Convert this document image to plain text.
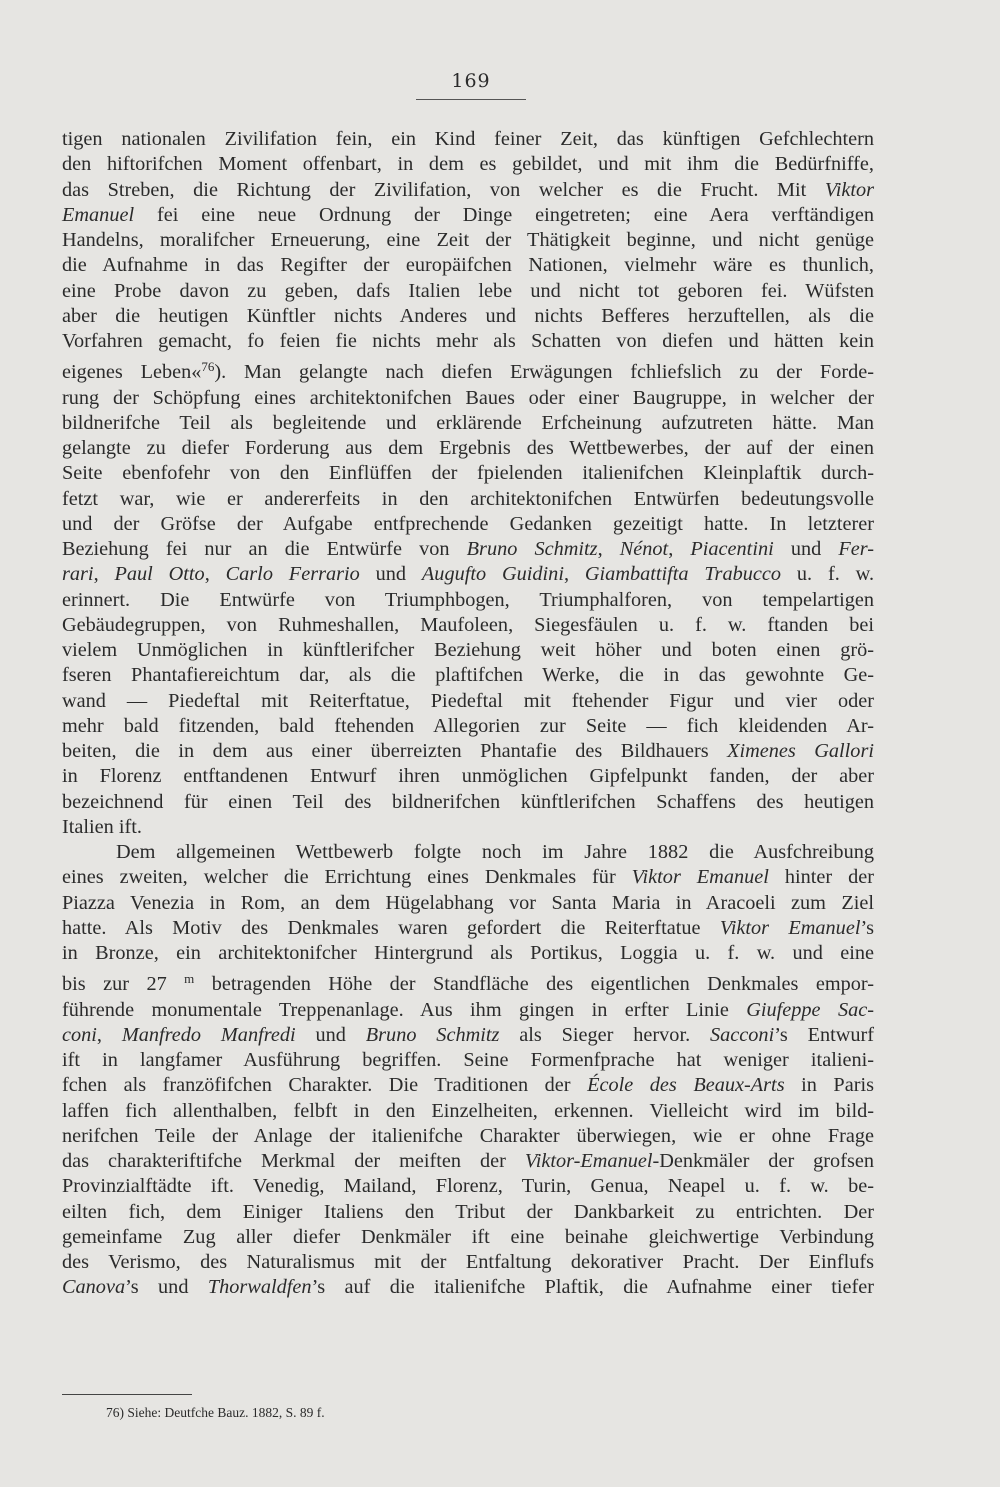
169
tigen nationalen Zivilifation fein, ein Kind feiner Zeit, das künftigen Gefchlechtern
den hiftorifchen Moment offenbart, in dem es gebildet, und mit ihm die Bedürfniffe,
das Streben, die Richtung der Zivilifation, von welcher es die Frucht. Mit Viktor
Emanuel fei eine neue Ordnung der Dinge eingetreten; eine Aera verftändigen
Handelns, moralifcher Erneuerung, eine Zeit der Thätigkeit beginne, und nicht genüge
die Aufnahme in das Regifter der europäifchen Nationen, vielmehr wäre es thunlich,
eine Probe davon zu geben, dafs Italien lebe und nicht tot geboren fei. Wüfsten
aber die heutigen Künftler nichts Anderes und nichts Befferes herzuftellen, als die
Vorfahren gemacht, fo feien fie nichts mehr als Schatten von diefen und hätten kein
eigenes Leben«$^{76}$). Man gelangte nach diefen Erwägungen fchliefslich zu der Forde-
rung der Schöpfung eines architektonifchen Baues oder einer Baugruppe, in welcher der
bildnerifche Teil als begleitende und erklärende Erfcheinung aufzutreten hätte. Man
gelangte zu diefer Forderung aus dem Ergebnis des Wettbewerbes, der auf der einen
Seite ebenfofehr von den Einflüffen der fpielenden italienifchen Kleinplaftik durch-
fetzt war, wie er andererfeits in den architektonifchen Entwürfen bedeutungsvolle
und der Gröfse der Aufgabe entfprechende Gedanken gezeitigt hatte. In letzterer
Beziehung fei nur an die Entwürfe von Bruno Schmitz, Nénot, Piacentini und Fer-
rari, Paul Otto, Carlo Ferrario und Augufto Guidini, Giambattifta Trabucco u. f. w.
erinnert. Die Entwürfe von Triumphbogen, Triumphalforen, von tempelartigen
Gebäudegruppen, von Ruhmeshallen, Maufoleen, Siegesfäulen u. f. w. ftanden bei
vielem Unmöglichen in künftlerifcher Beziehung weit höher und boten einen grö-
fseren Phantafiereichtum dar, als die plaftifchen Werke, die in das gewohnte Ge-
wand — Piedeftal mit Reiterftatue, Piedeftal mit ftehender Figur und vier oder
mehr bald fitzenden, bald ftehenden Allegorien zur Seite — fich kleidenden Ar-
beiten, die in dem aus einer überreizten Phantafie des Bildhauers Ximenes Gallori
in Florenz entftandenen Entwurf ihren unmöglichen Gipfelpunkt fanden, der aber
bezeichnend für einen Teil des bildnerifchen künftlerifchen Schaffens des heutigen
Italien ift.
Dem allgemeinen Wettbewerb folgte noch im Jahre 1882 die Ausfchreibung
eines zweiten, welcher die Errichtung eines Denkmales für Viktor Emanuel hinter der
Piazza Venezia in Rom, an dem Hügelabhang vor Santa Maria in Aracoeli zum Ziel
hatte. Als Motiv des Denkmales waren gefordert die Reiterftatue Viktor Emanuel’s
in Bronze, ein architektonifcher Hintergrund als Portikus, Loggia u. f. w. und eine
bis zur 27 $^m$ betragenden Höhe der Standfläche des eigentlichen Denkmales empor-
führende monumentale Treppenanlage. Aus ihm gingen in erfter Linie Giufeppe Sac-
coni, Manfredo Manfredi und Bruno Schmitz als Sieger hervor. Sacconi’s Entwurf
ift in langfamer Ausführung begriffen. Seine Formenfprache hat weniger italieni-
fchen als franzöfifchen Charakter. Die Traditionen der École des Beaux-Arts in Paris
laffen fich allenthalben, felbft in den Einzelheiten, erkennen. Vielleicht wird im bild-
nerifchen Teile der Anlage der italienifche Charakter überwiegen, wie er ohne Frage
das charakteriftifche Merkmal der meiften der Viktor-Emanuel-Denkmäler der grofsen
Provinzialftädte ift. Venedig, Mailand, Florenz, Turin, Genua, Neapel u. f. w. be-
eilten fich, dem Einiger Italiens den Tribut der Dankbarkeit zu entrichten. Der
gemeinfame Zug aller diefer Denkmäler ift eine beinahe gleichwertige Verbindung
des Verismo, des Naturalismus mit der Entfaltung dekorativer Pracht. Der Einflufs
Canova’s und Thorwaldfen’s auf die italienifche Plaftik, die Aufnahme einer tiefer
76) Siehe: Deutfche Bauz. 1882, S. 89 f.
